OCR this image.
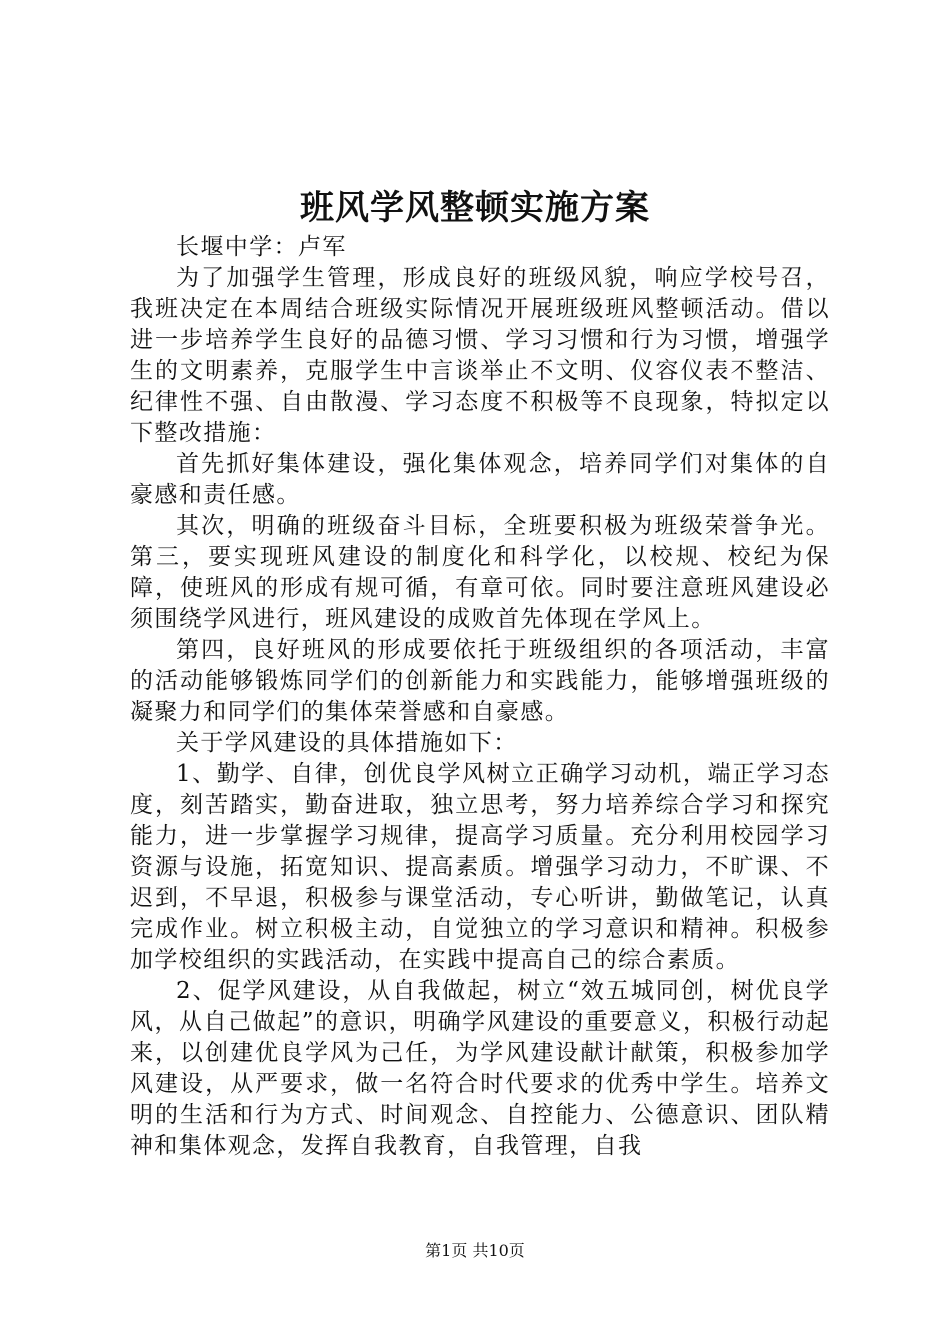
班风学风整顿实施方案

长堰中学：卢军

为了加强学生管理，形成良好的班级风貌，响应学校号召，我班决定在本周结合班级实际情况开展班级班风整顿活动。借以进一步培养学生良好的品德习惯、学习习惯和行为习惯，增强学生的文明素养，克服学生中言谈举止不文明、仪容仪表不整洁、纪律性不强、自由散漫、学习态度不积极等不良现象，特拟定以下整改措施：

首先抓好集体建设，强化集体观念，培养同学们对集体的自豪感和责任感。

其次，明确的班级奋斗目标，全班要积极为班级荣誉争光。第三，要实现班风建设的制度化和科学化，以校规、校纪为保障，使班风的形成有规可循，有章可依。同时要注意班风建设必须围绕学风进行，班风建设的成败首先体现在学风上。

第四，良好班风的形成要依托于班级组织的各项活动，丰富的活动能够锻炼同学们的创新能力和实践能力，能够增强班级的凝聚力和同学们的集体荣誉感和自豪感。

关于学风建设的具体措施如下：

1、勤学、自律，创优良学风树立正确学习动机，端正学习态度，刻苦踏实，勤奋进取，独立思考，努力培养综合学习和探究能力，进一步掌握学习规律，提高学习质量。充分利用校园学习资源与设施，拓宽知识、提高素质。增强学习动力，不旷课、不迟到，不早退，积极参与课堂活动，专心听讲，勤做笔记，认真完成作业。树立积极主动，自觉独立的学习意识和精神。积极参加学校组织的实践活动，在实践中提高自己的综合素质。

2、促学风建设，从自我做起，树立“效五城同创，树优良学风，从自己做起”的意识，明确学风建设的重要意义，积极行动起来，以创建优良学风为己任，为学风建设献计献策，积极参加学风建设，从严要求，做一名符合时代要求的优秀中学生。培养文明的生活和行为方式、时间观念、自控能力、公德意识、团队精神和集体观念，发挥自我教育，自我管理，自我

第1页 共10页
